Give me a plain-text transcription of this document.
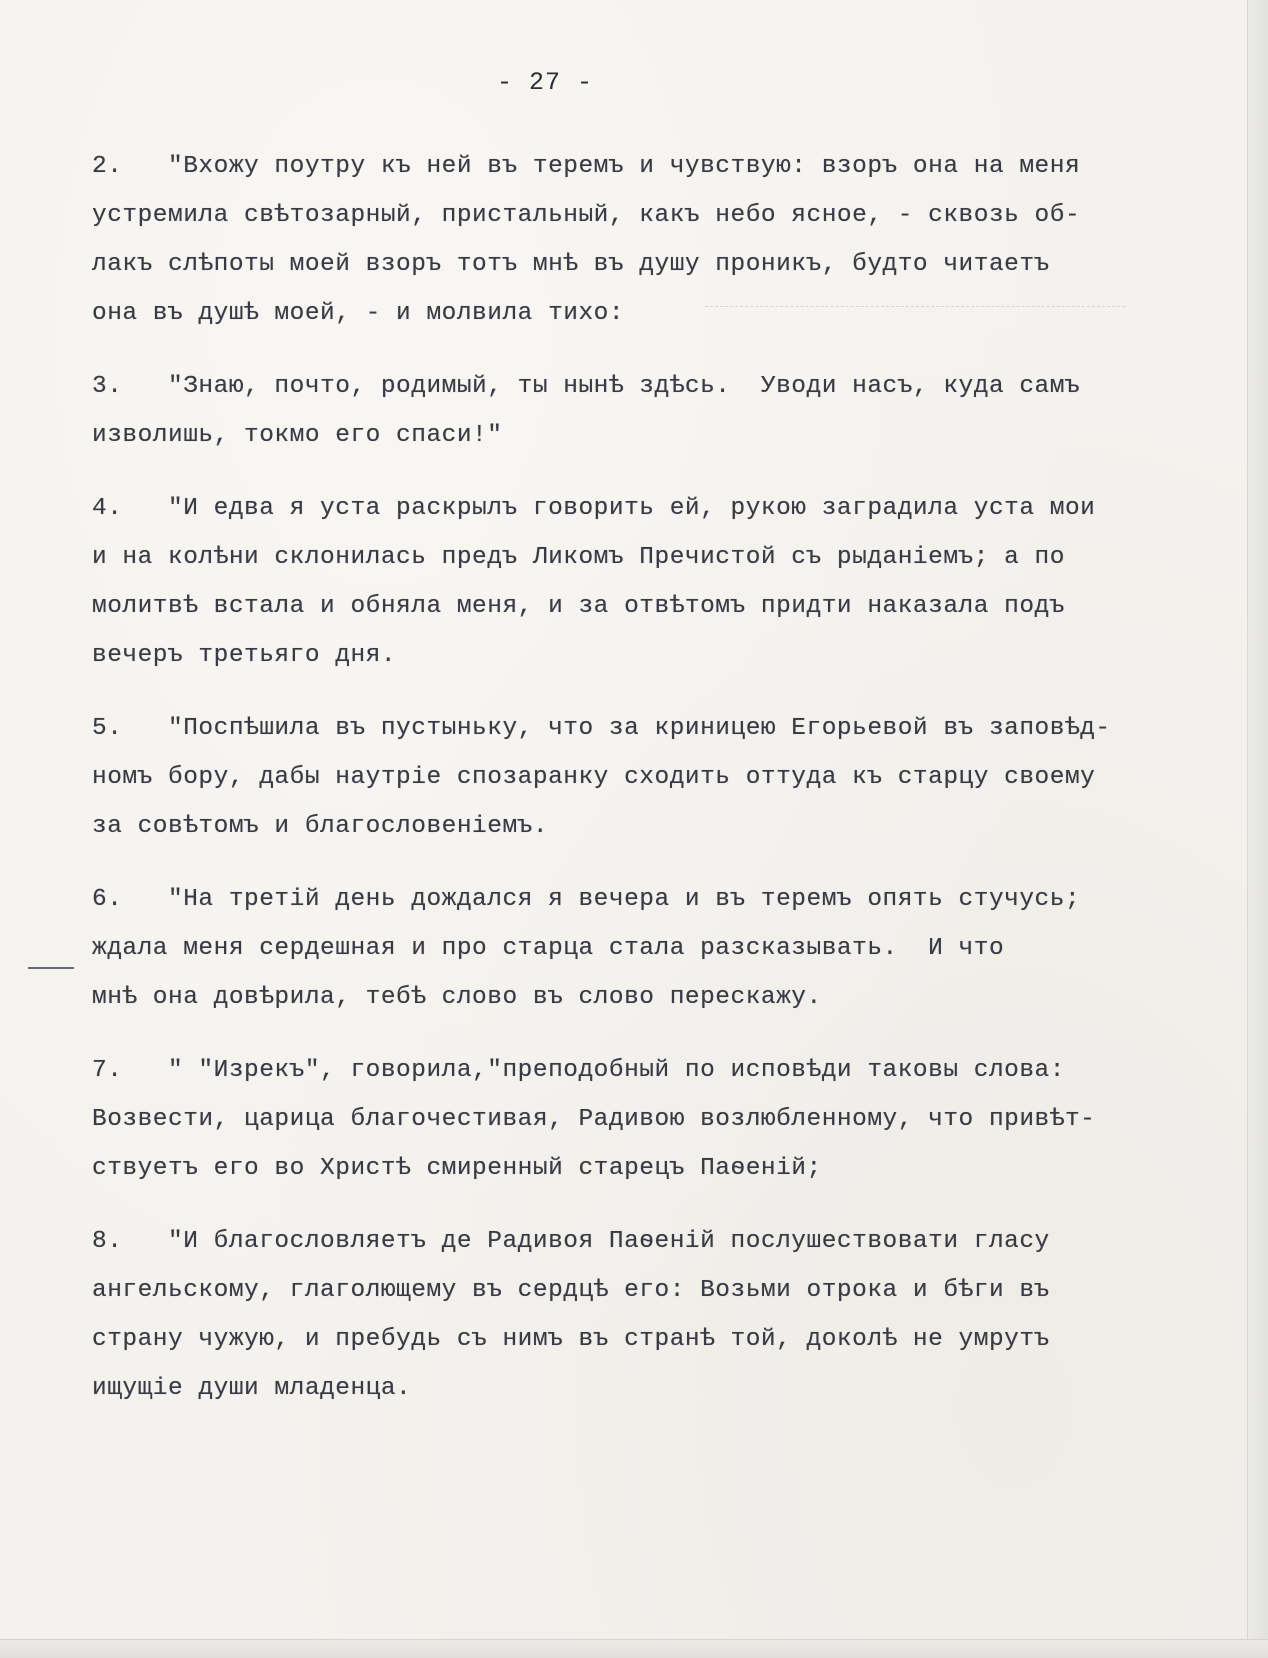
- 27 -
2.   "Вхожу поутру къ ней въ теремъ и чувствую: взоръ она на меня
устремила свѣтозарный, пристальный, какъ небо ясное, - сквозь об-
лакъ слѣпоты моей взоръ тотъ мнѣ въ душу проникъ, будто читаетъ
она въ душѣ моей, - и молвила тихо:
3.   "Знаю, почто, родимый, ты нынѣ здѣсь.  Уводи насъ, куда самъ
изволишь, токмо его спаси!"
4.   "И едва я уста раскрылъ говорить ей, рукою заградила уста мои
и на колѣни склонилась предъ Ликомъ Пречистой съ рыданіемъ; а по
молитвѣ встала и обняла меня, и за отвѣтомъ придти наказала подъ
вечеръ третьяго дня.
5.   "Поспѣшила въ пустыньку, что за криницею Егорьевой въ заповѣд-
номъ бору, дабы наутріе спозаранку сходить оттуда къ старцу своему
за совѣтомъ и благословеніемъ.
6.   "На третій день дождался я вечера и въ теремъ опять стучусь;
ждала меня сердешная и про старца стала разсказывать.  И что
мнѣ она довѣрила, тебѣ слово въ слово перескажу.
7.   " "Изрекъ", говорила,"преподобный по исповѣди таковы слова:
Возвести, царица благочестивая, Радивою возлюбленному, что привѣт-
ствуетъ его во Христѣ смиренный старецъ Паѳеній;
8.   "И благословляетъ де Радивоя Паѳеній послушествовати гласу
ангельскому, глаголющему въ сердцѣ его: Возьми отрока и бѣги въ
страну чужую, и пребудь съ нимъ въ странѣ той, доколѣ не умрутъ
ищущіе души младенца.
